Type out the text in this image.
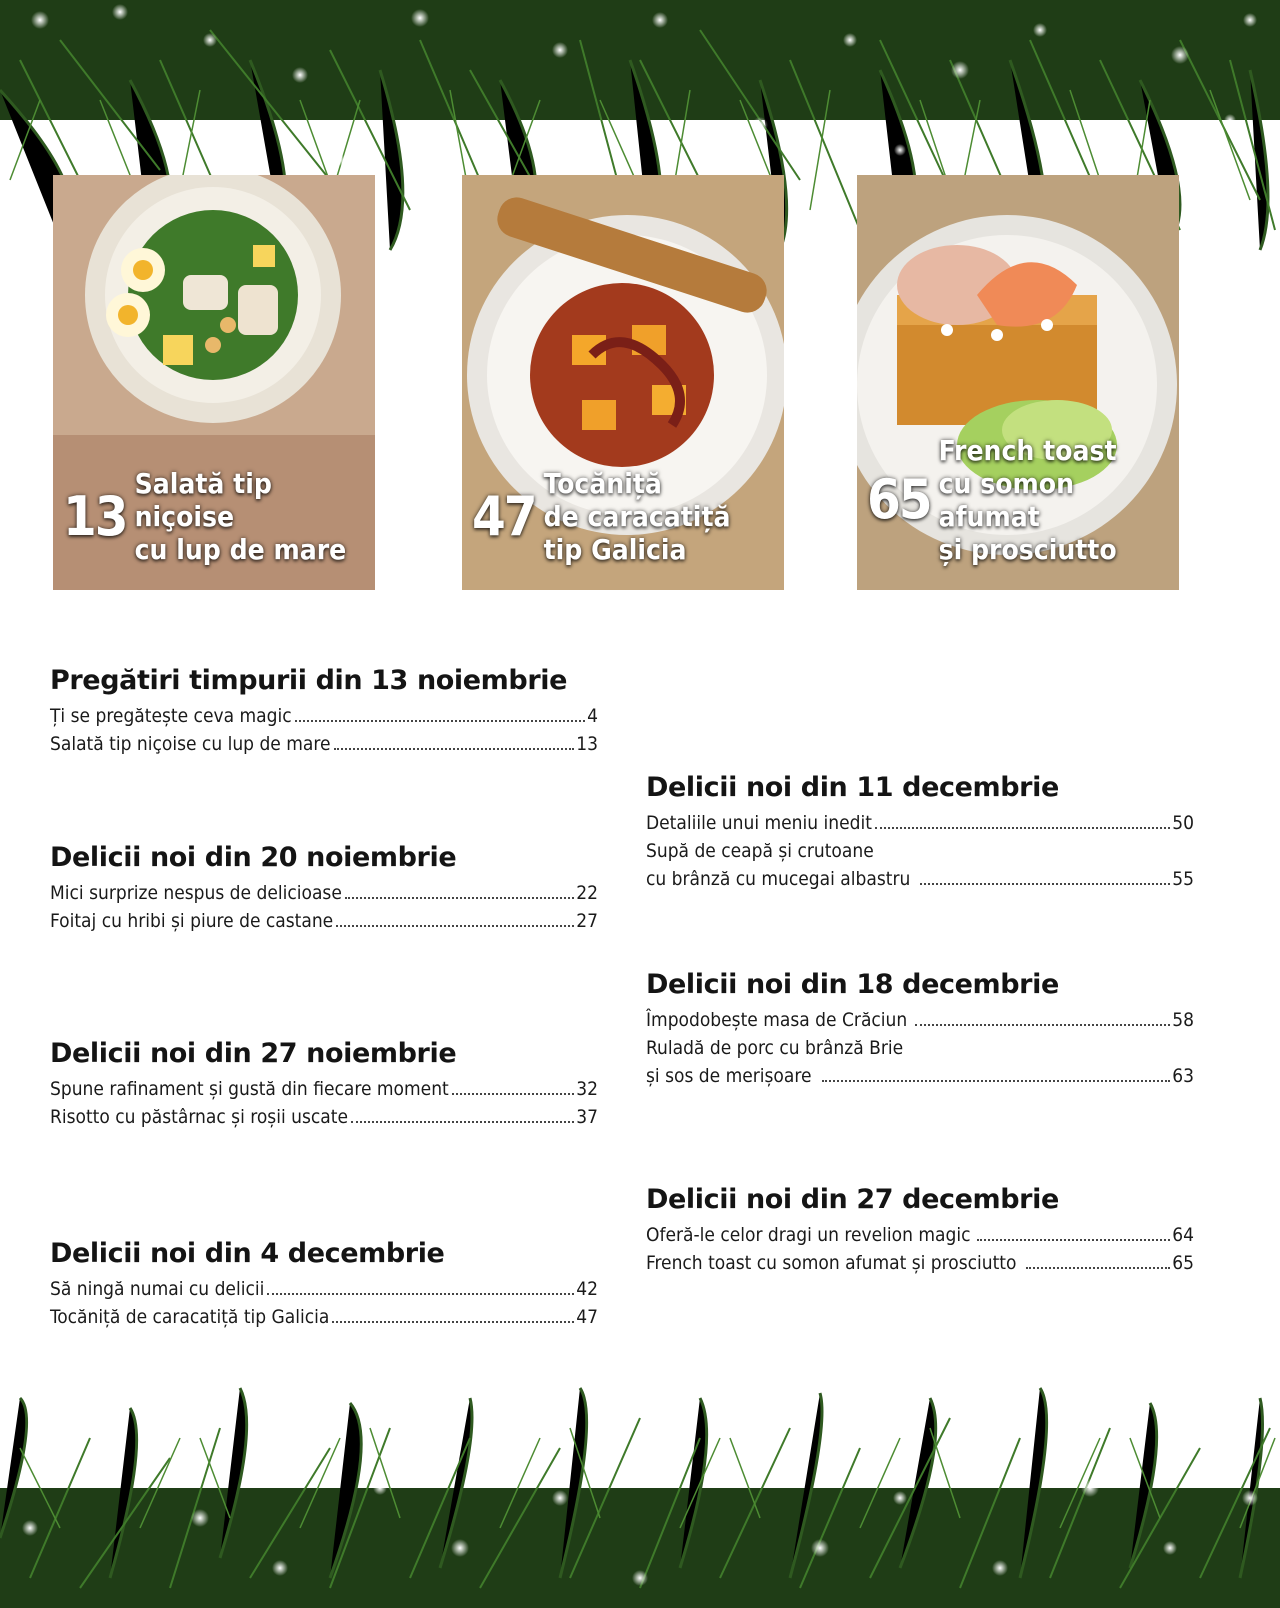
13
Salată tip niçoise
cu lup de mare
47
Tocăniță
de caracatiță
tip Galicia
65
French toast
cu somon afumat
și prosciutto
Pregătiri timpurii din 13 noiembrie
Ți se pregătește ceva magic	4
Salată tip niçoise cu lup de mare	13
Delicii noi din 20 noiembrie
Mici surprize nespus de delicioase	22
Foitaj cu hribi și piure de castane	27
Delicii noi din 27 noiembrie
Spune rafinament și gustă din fiecare moment	32
Risotto cu păstârnac și roșii uscate	37
Delicii noi din 4 decembrie
Să ningă numai cu delicii	42
Tocăniță de caracatiță tip Galicia	47
Delicii noi din 11 decembrie
Detaliile unui meniu inedit	50
Supă de ceapă și crutoane
cu brânză cu mucegai albastru	55
Delicii noi din 18 decembrie
Împodobește masa de Crăciun	58
Ruladă de porc cu brânză Brie
și sos de merișoare	63
Delicii noi din 27 decembrie
Oferă-le celor dragi un revelion magic	64
French toast cu somon afumat și prosciutto	65
